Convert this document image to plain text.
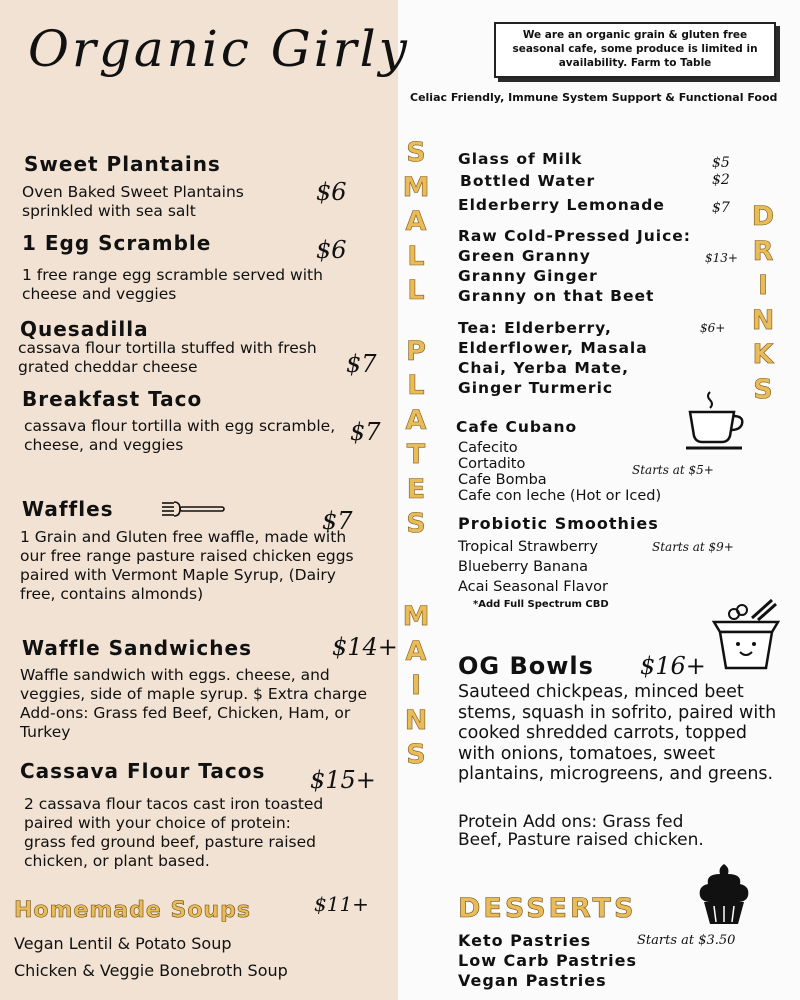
Organic Girly	We are an organic grain & gluten free seasonal cafe, some produce is limited in availability. Farm to Table
Celiac Friendly, Immune System Support & Functional Food
Sweet Plantains
Oven Baked Sweet Plantains sprinkled with sea salt
$6
1 Egg Scramble	$6
1 free range egg scramble served with cheese and veggies
Quesadilla
cassava flour tortilla stuffed with fresh grated cheddar cheese	$7
Breakfast Taco
cassava flour tortilla with egg scramble, cheese, and veggies	$7
Waffles	$7
1 Grain and Gluten free waffle, made with our free range pasture raised chicken eggs paired with Vermont Maple Syrup, (Dairy free, contains almonds)
Waffle Sandwiches	$14+
Waffle sandwich with eggs. cheese, and veggies, side of maple syrup. $ Extra charge Add-ons: Grass fed Beef, Chicken, Ham, or Turkey
Cassava Flour Tacos $15+
2 cassava flour tacos cast iron toasted paired with your choice of protein: grass fed ground beef, pasture raised chicken, or plant based.
Homemade Soups	$11+
Vegan Lentil & Potato Soup
Chicken & Veggie Bonebroth Soup
S
M
A
L
L

P
L
A
T
E
S
M
A
I
N
S
D
R
I
N
K
S
Glass of Milk	$5
Bottled Water	$2
Elderberry Lemonade	$7
Raw Cold-Pressed Juice:
Green Granny
Granny Ginger
Granny on that Beet
$13+
Tea: Elderberry, Elderflower, Masala Chai, Yerba Mate, Ginger Turmeric
$6+
Cafe Cubano
Cafecito
Cortadito
Cafe Bomba
Cafe con leche (Hot or Iced)
Starts at $5+
Probiotic Smoothies
Tropical Strawberry
Blueberry Banana
Acai Seasonal Flavor
Starts at $9+
*Add Full Spectrum CBD
OG Bowls $16+
Sauteed chickpeas, minced beet stems, squash in sofrito, paired with cooked shredded carrots, topped with onions, tomatoes, sweet plantains, microgreens, and greens.
Protein Add ons: Grass fed Beef, Pasture raised chicken.
DESSERTS
Starts at $3.50
Keto Pastries
Low Carb Pastries
Vegan Pastries
